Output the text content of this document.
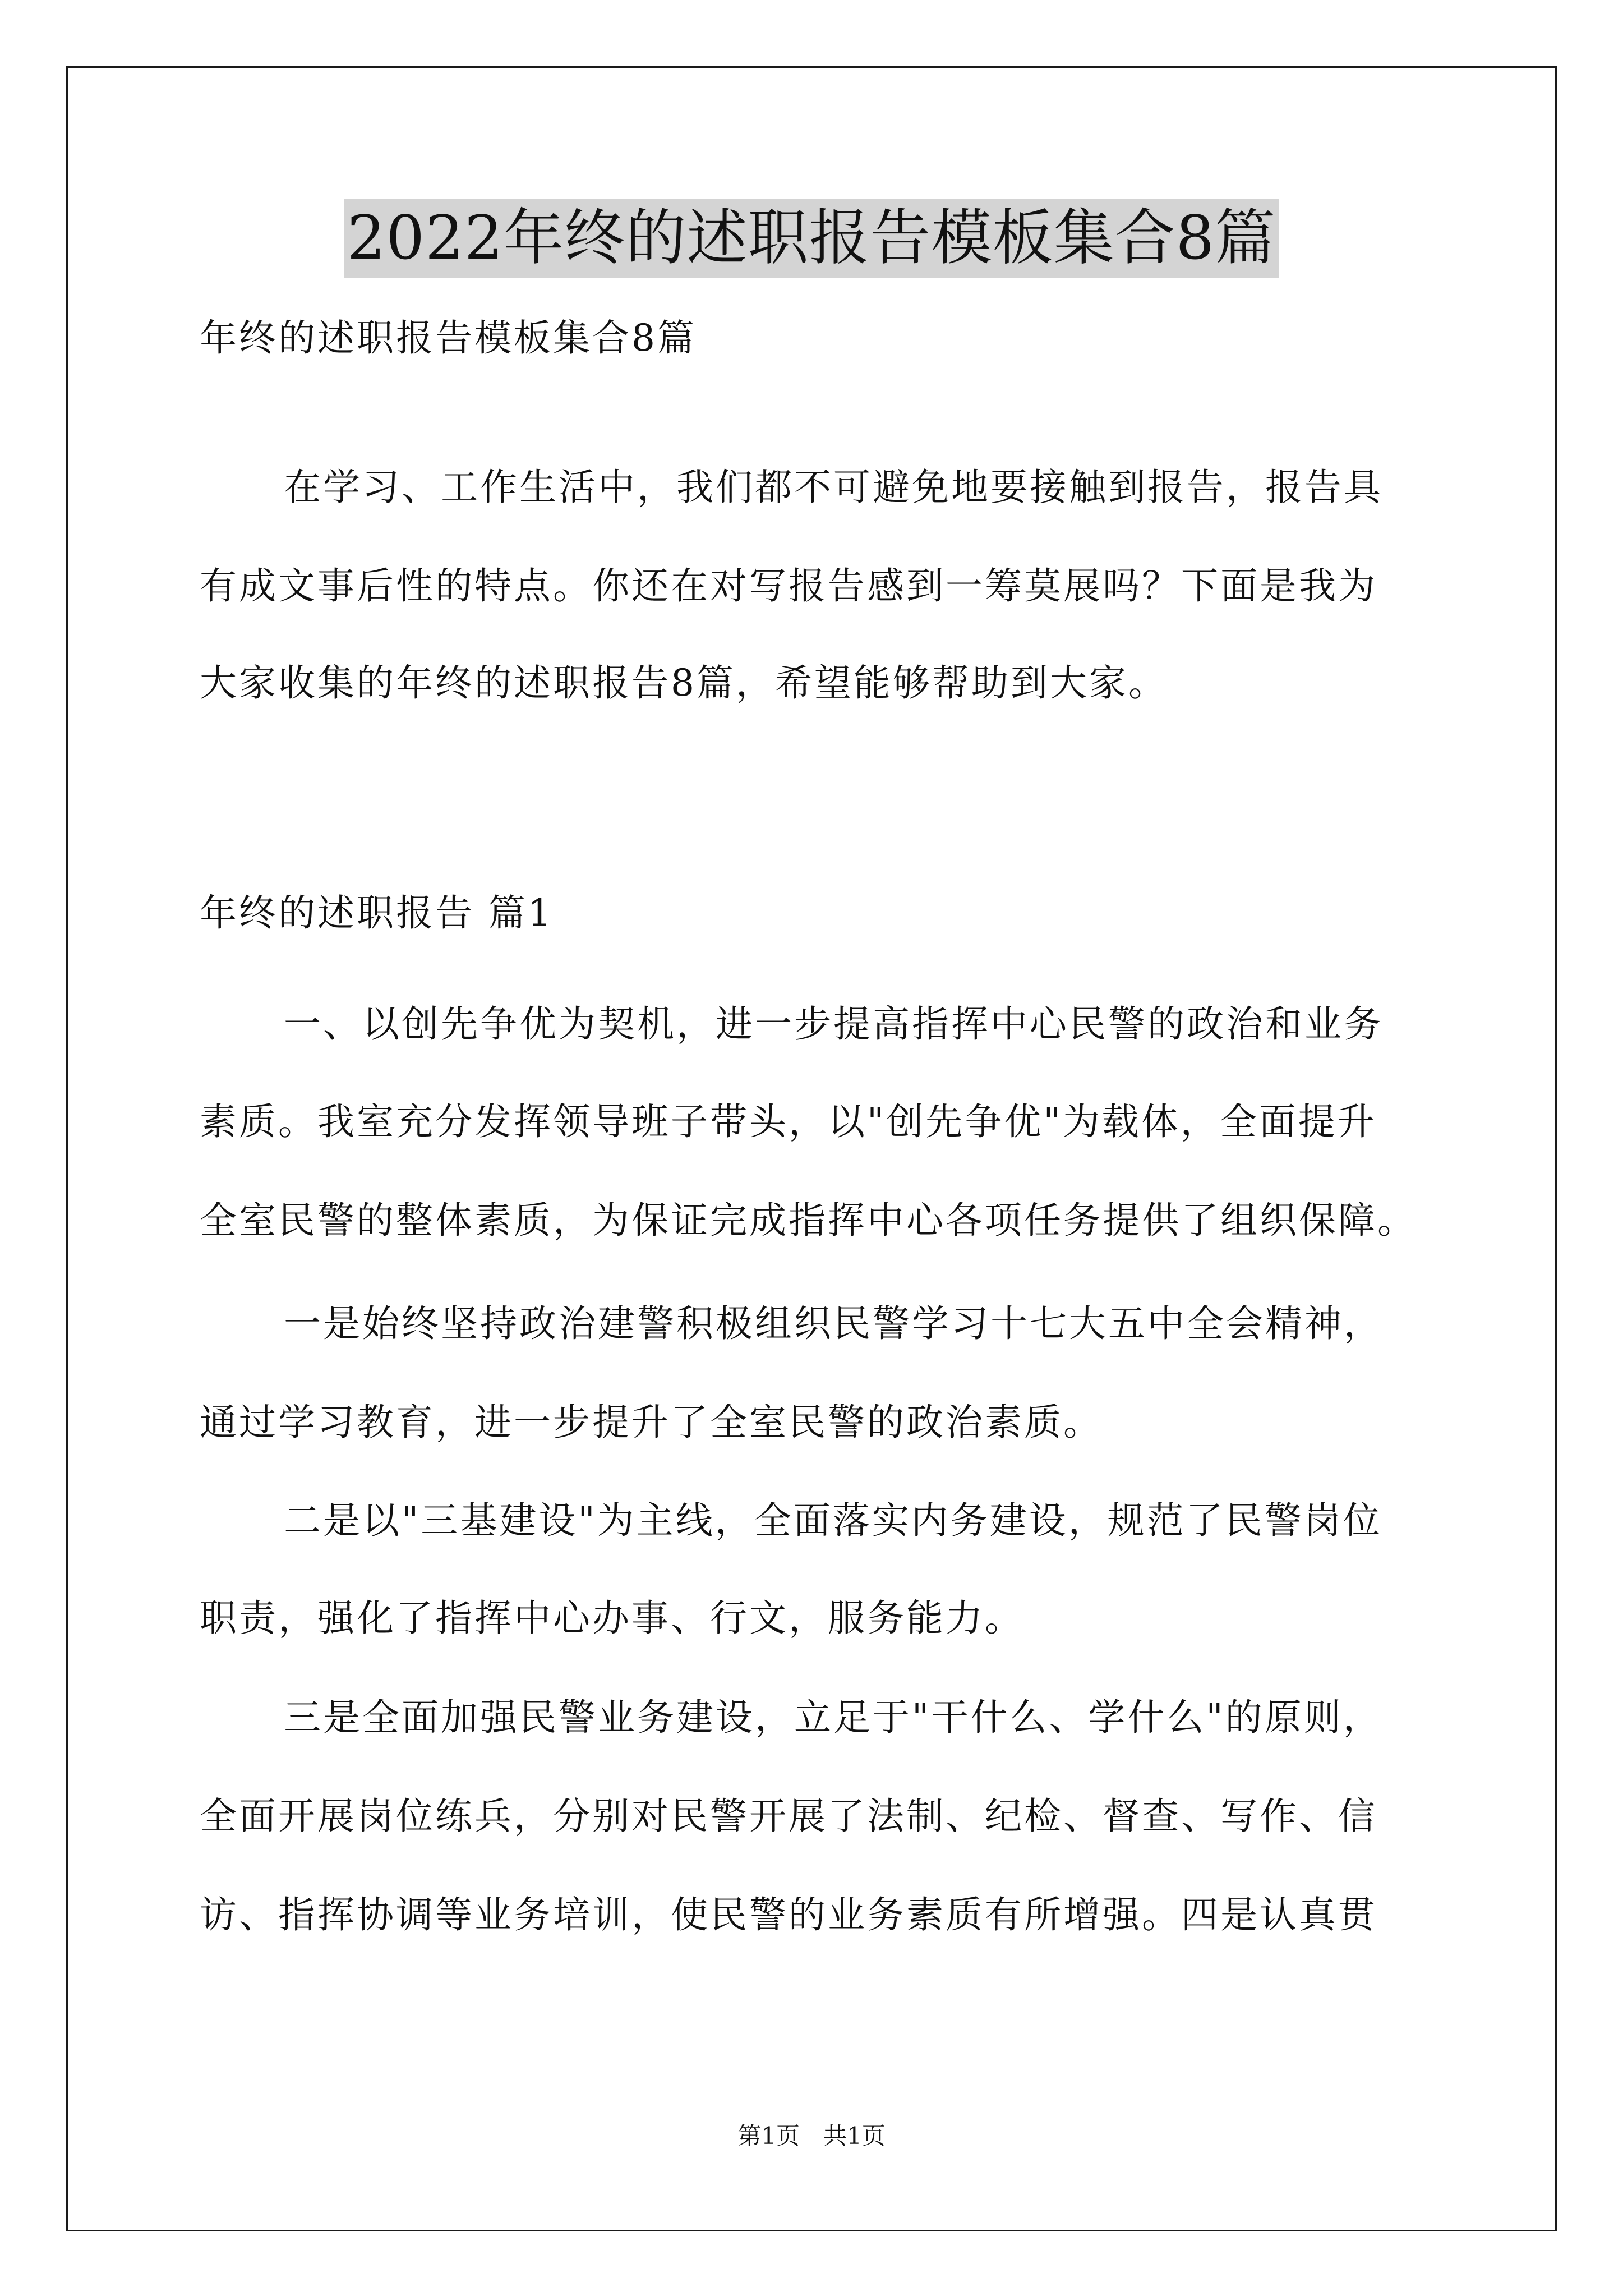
2022年终的述职报告模板集合8篇
年终的述职报告模板集合8篇
在学习、工作生活中，我们都不可避免地要接触到报告，报告具
有成文事后性的特点。你还在对写报告感到一筹莫展吗？下面是我为
大家收集的年终的述职报告8篇，希望能够帮助到大家。
年终的述职报告 篇1
一、以创先争优为契机，进一步提高指挥中心民警的政治和业务
素质。我室充分发挥领导班子带头，以"创先争优"为载体，全面提升
全室民警的整体素质，为保证完成指挥中心各项任务提供了组织保障。
一是始终坚持政治建警积极组织民警学习十七大五中全会精神，
通过学习教育，进一步提升了全室民警的政治素质。
二是以"三基建设"为主线，全面落实内务建设，规范了民警岗位
职责，强化了指挥中心办事、行文，服务能力。
三是全面加强民警业务建设，立足于"干什么、学什么"的原则，
全面开展岗位练兵，分别对民警开展了法制、纪检、督查、写作、信
访、指挥协调等业务培训，使民警的业务素质有所增强。四是认真贯
第1页 共1页
